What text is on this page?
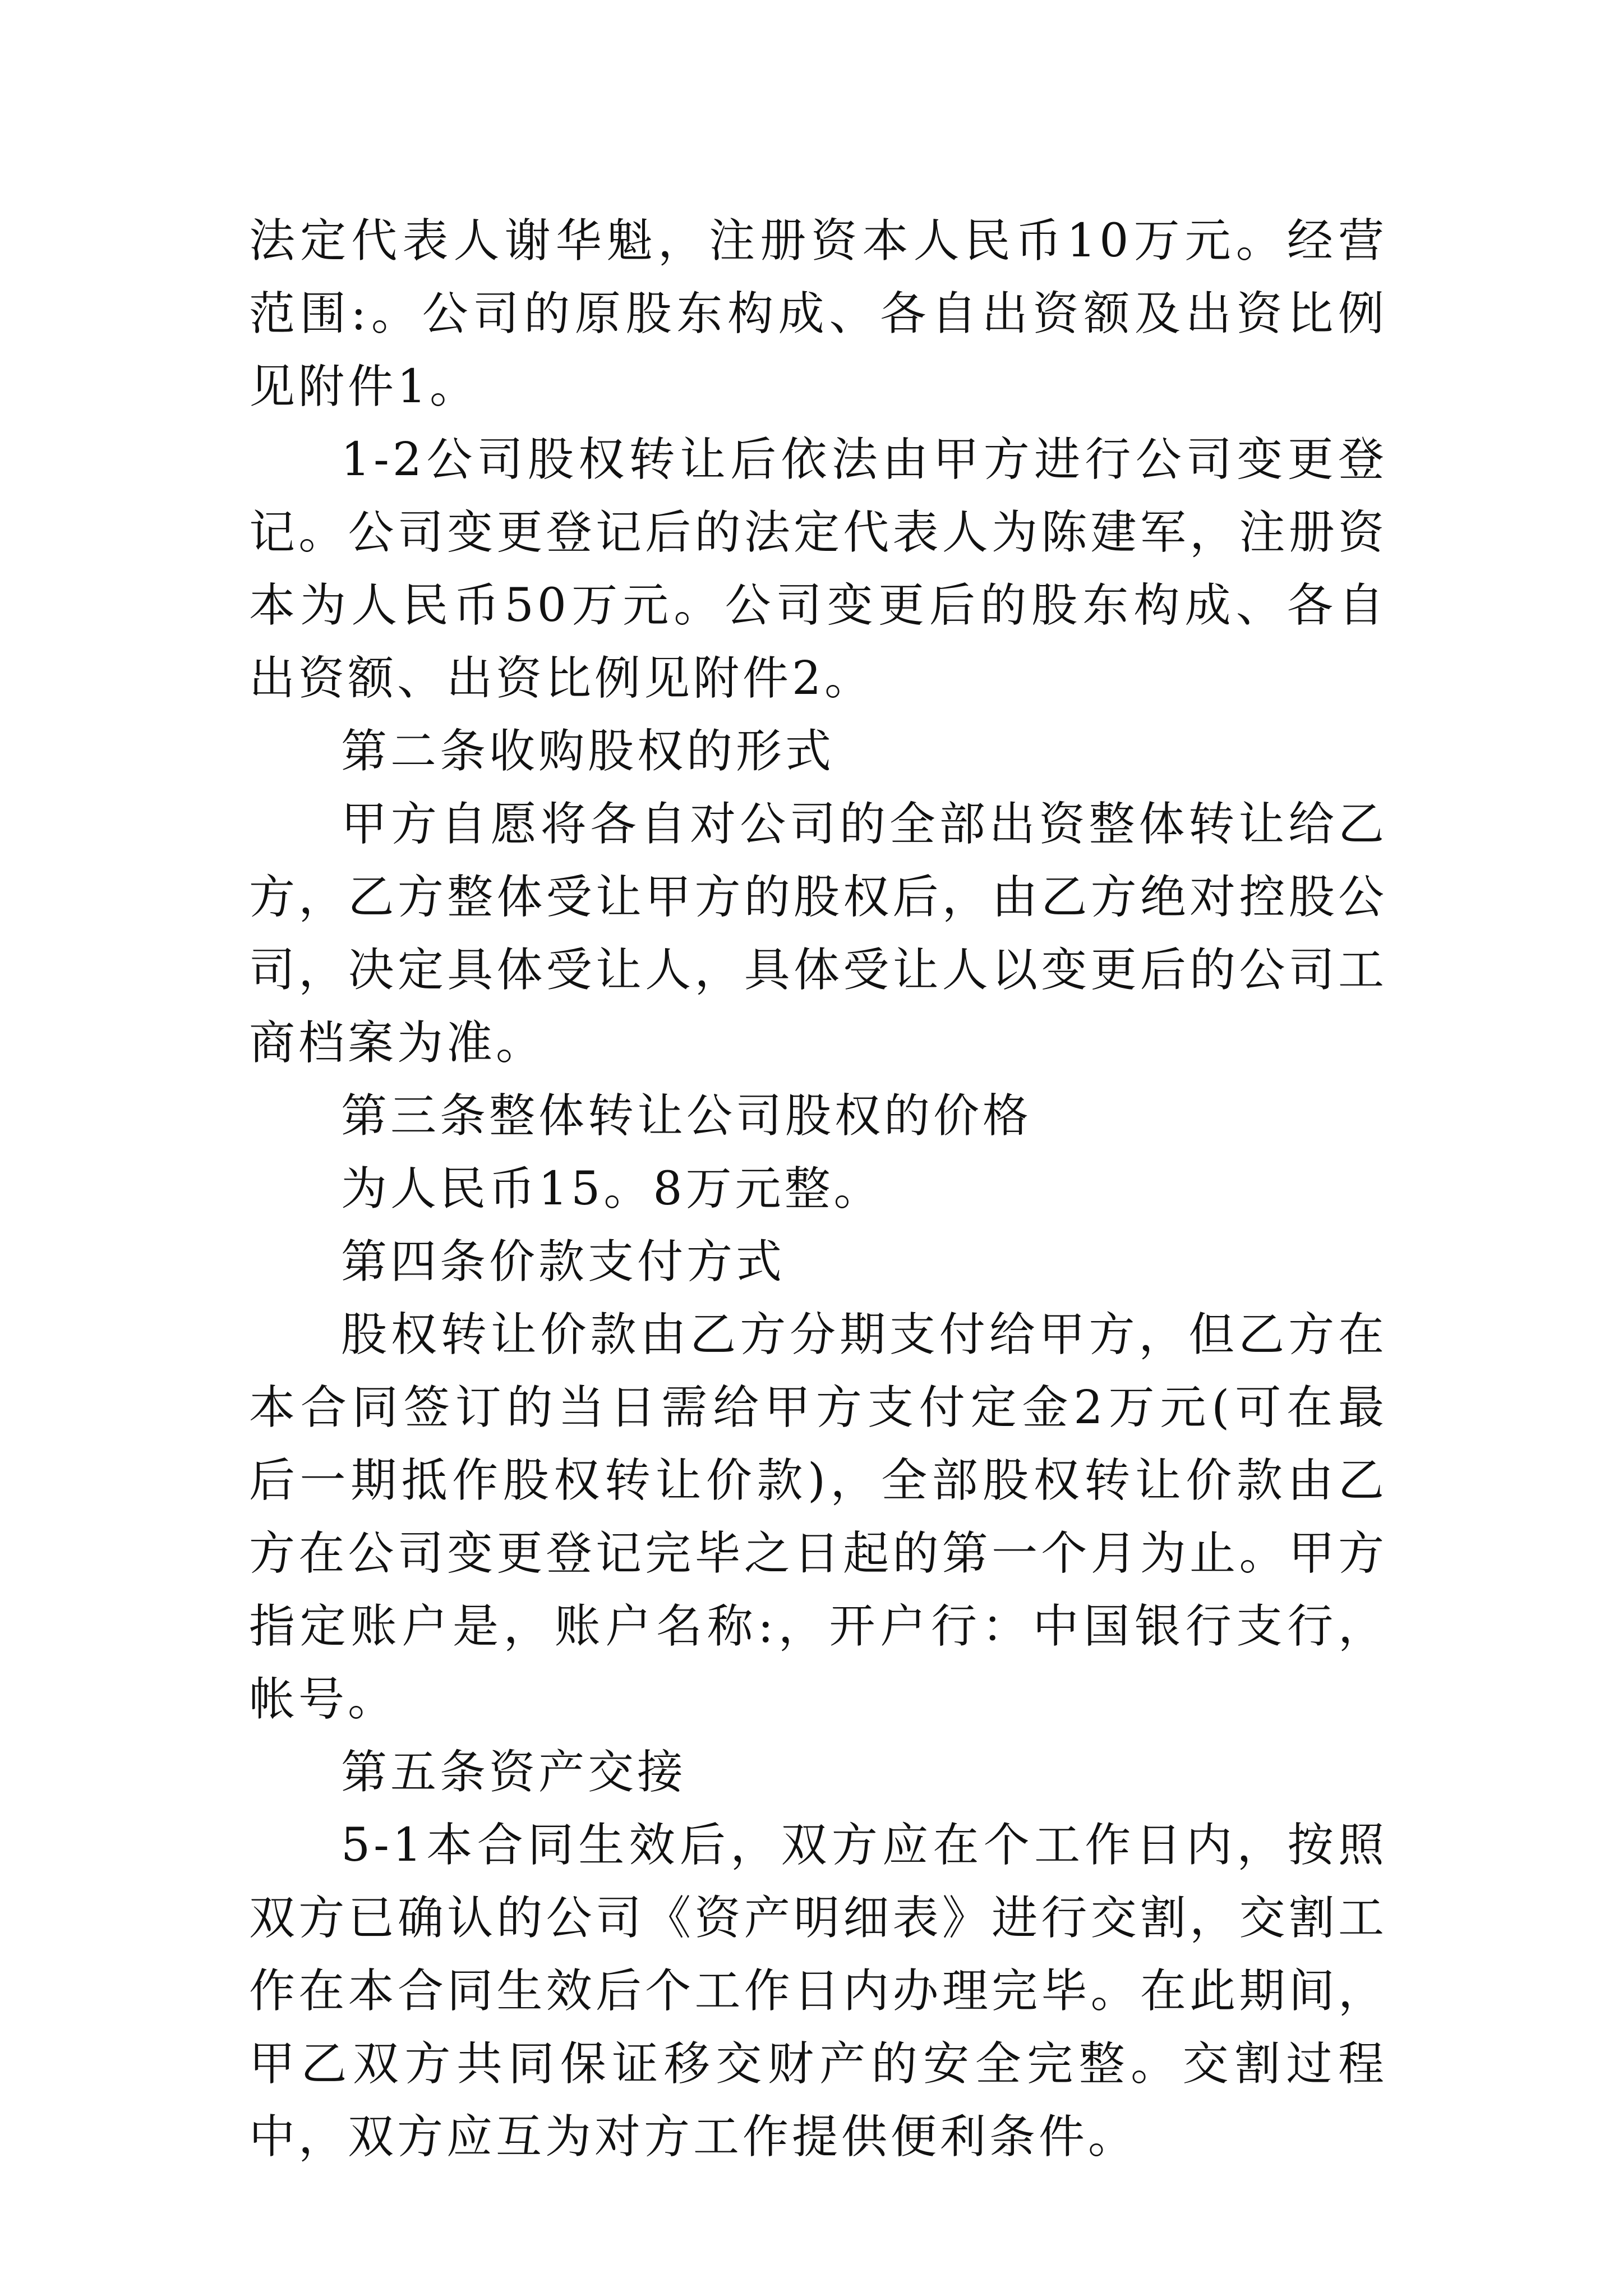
法定代表人谢华魁，注册资本人民币10万元。经营范围:。公司的原股东构成、各自出资额及出资比例见附件1。

1-2公司股权转让后依法由甲方进行公司变更登记。公司变更登记后的法定代表人为陈建军，注册资本为人民币50万元。公司变更后的股东构成、各自出资额、出资比例见附件2。

第二条收购股权的形式

甲方自愿将各自对公司的全部出资整体转让给乙方，乙方整体受让甲方的股权后，由乙方绝对控股公司，决定具体受让人，具体受让人以变更后的公司工商档案为准。

第三条整体转让公司股权的价格

为人民币15。8万元整。

第四条价款支付方式

股权转让价款由乙方分期支付给甲方，但乙方在本合同签订的当日需给甲方支付定金2万元(可在最后一期抵作股权转让价款)，全部股权转让价款由乙方在公司变更登记完毕之日起的第一个月为止。甲方指定账户是，账户名称:，开户行：中国银行支行，帐号。

第五条资产交接

5-1本合同生效后，双方应在个工作日内，按照双方已确认的公司《资产明细表》进行交割，交割工作在本合同生效后个工作日内办理完毕。在此期间，甲乙双方共同保证移交财产的安全完整。交割过程中，双方应互为对方工作提供便利条件。
